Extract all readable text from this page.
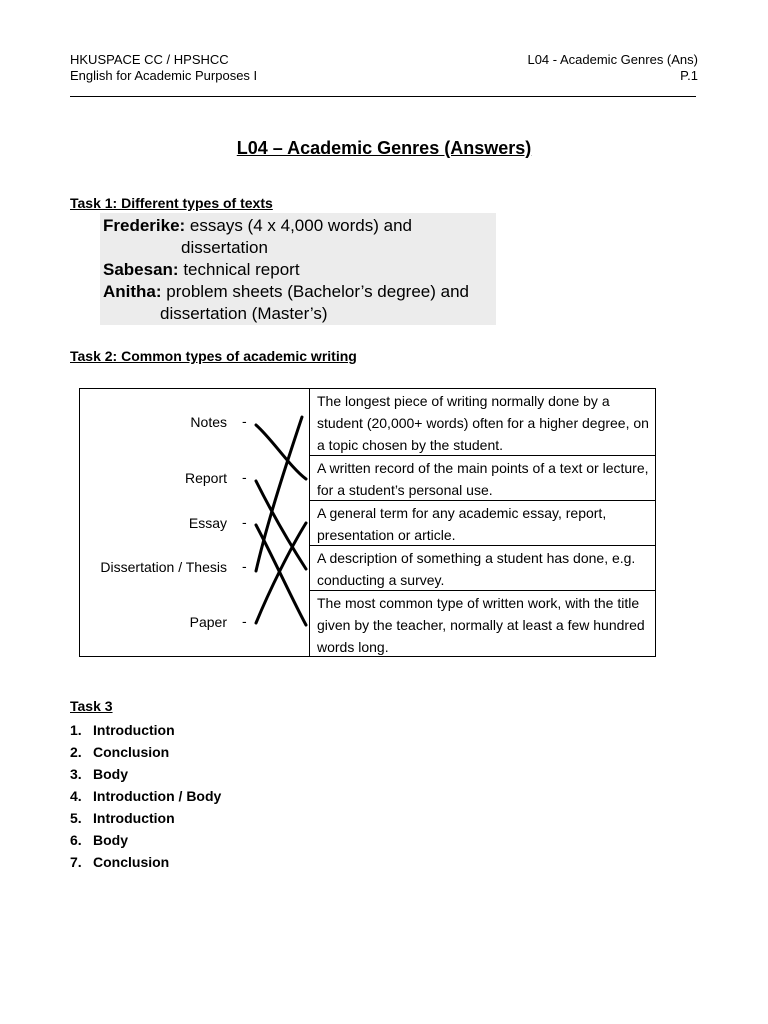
HKUSPACE CC / HPSHCC
English for Academic Purposes I
L04 - Academic Genres (Ans)
P.1
L04 – Academic Genres (Answers)
Task 1: Different types of texts
Frederike: essays (4 x 4,000 words) and
dissertation
Sabesan: technical report
Anitha: problem sheets (Bachelor’s degree) and
dissertation (Master’s)
Task 2: Common types of academic writing
Notes
Report
Essay
Dissertation / Thesis
Paper
-
-
-
-
-
The longest piece of writing normally done by a student (20,000+ words) often for a higher degree, on a topic chosen by the student.
A written record of the main points of a text or lecture, for a student’s personal use.
A general term for any academic essay, report, presentation or article.
A description of something a student has done, e.g. conducting a survey.
The most common type of written work, with the title given by the teacher, normally at least a few hundred words long.
Task 3
1. Introduction
2. Conclusion
3. Body
4. Introduction / Body
5. Introduction
6. Body
7. Conclusion
